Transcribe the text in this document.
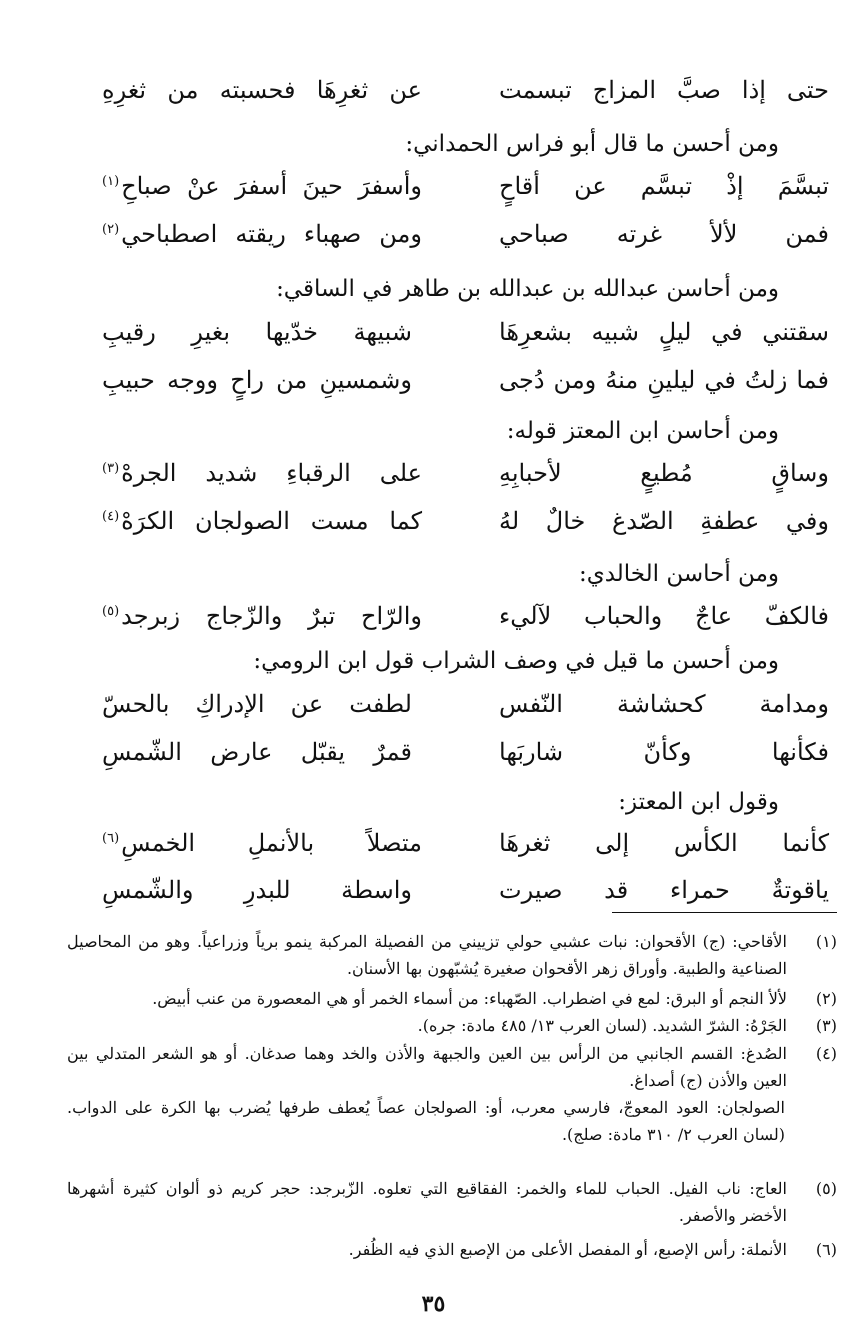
حتى إذا صبَّ المزاج تبسمت
عن ثغرِهَا فحسبته من ثغرِهِ
ومن أحسن ما قال أبو فراس الحمداني:
تبسَّمَ إذْ تبسَّم عن أقاحٍ
وأسفرَ حينَ أسفرَ عنْ صباحِ$^{(١)}$
فمن لألأ غرته صباحي
ومن صهباء ريقته اصطباحي$^{(٢)}$
ومن أحاسن عبدالله بن عبدالله بن طاهر في الساقي:
سقتني في ليلٍ شبيه بشعرِهَا
شبيهة خدّيها بغيرِ رقيبِ
فما زلتُ في ليلينِ منهُ ومن دُجى
وشمسينِ من راحٍ ووجه حبيبِ
ومن أحاسن ابن المعتز قوله:
وساقٍ مُطيعٍ لأحبابِهِ
على الرقباءِ شديد الجرهْ$^{(٣)}$
وفي عطفةِ الصّدغ خالٌ لهُ
كما مست الصولجان الكرَهْ$^{(٤)}$
ومن أحاسن الخالدي:
فالكفّ عاجٌ والحباب لآليء
والرّاح تبرٌ والزّجاج زبرجد$^{(٥)}$
ومن أحسن ما قيل في وصف الشراب قول ابن الرومي:
ومدامة كحشاشة النّفس
لطفت عن الإدراكِ بالحسّ
فكأنها وكأنّ شاربَها
قمرٌ يقبّل عارض الشّمسِ
وقول ابن المعتز:
كأنما الكأس إلى ثغرهَا
متصلاً بالأنملِ الخمسِ$^{(٦)}$
ياقوتةٌ حمراء قد صيرت
واسطة للبدرِ والشّمسِ
(١)
الأقاحي: (ج) الأقحوان: نبات عشبي حولي تزييني من الفصيلة المركبة ينمو برياً وزراعياً. وهو من المحاصيل الصناعية والطبية. وأوراق زهر الأقحوان صغيرة يُشبّهون بها الأسنان.
(٢)
لألأ النجم أو البرق: لمع في اضطراب. الصّهباء: من أسماء الخمر أو هي المعصورة من عنب أبيض.
(٣)
الجَرْهُ: الشرّ الشديد. (لسان العرب ١٣/ ٤٨٥ مادة: جره).
(٤)
الصُدغ: القسم الجانبي من الرأس بين العين والجبهة والأذن والخد وهما صدغان. أو هو الشعر المتدلي بين العين والأذن (ج) أصداغ.
الصولجان: العود المعوجّ، فارسي معرب، أو: الصولجان عصاً يُعطف طرفها يُضرب بها الكرة على الدواب. (لسان العرب ٢/ ٣١٠ مادة: صلج).
(٥)
العاج: ناب الفيل. الحباب للماء والخمر: الفقاقيع التي تعلوه. الزّبرجد: حجر كريم ذو ألوان كثيرة أشهرها الأخضر والأصفر.
(٦)
الأنملة: رأس الإصبع، أو المفصل الأعلى من الإصبع الذي فيه الظُفر.
٣٥
